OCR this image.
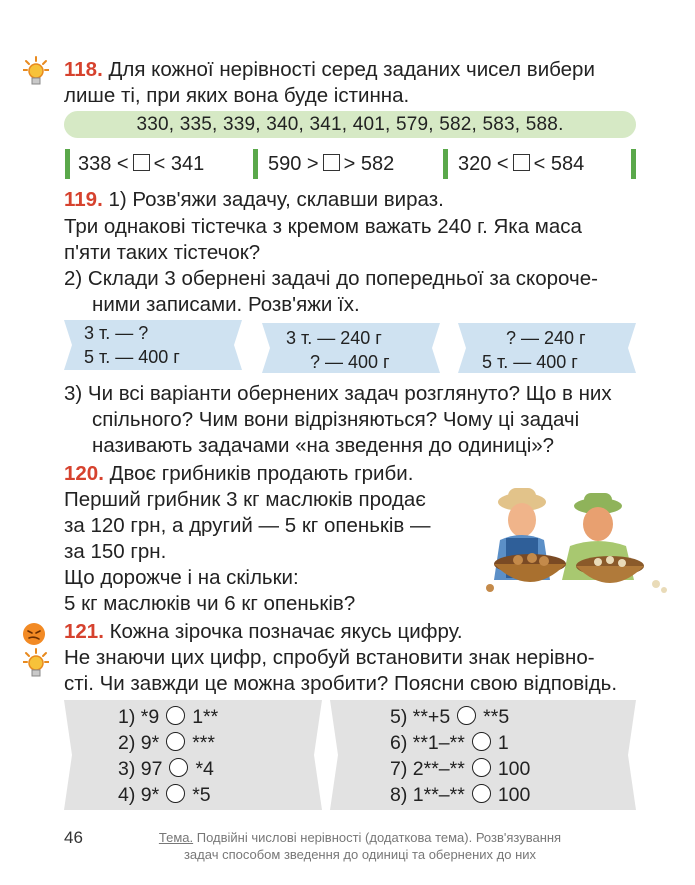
118. Для кожної нерівності серед заданих чисел вибери
лише ті, при яких вона буде істинна.
330, 335, 339, 340, 341, 401, 579, 582, 583, 588.
338 < < 341	590 > > 582	320 < < 584
119. 1) Розв'яжи задачу, склавши вираз.
Три однакові тістечка з кремом важать 240 г. Яка маса
п'яти таких тістечок?
2) Склади 3 обернені задачі до попередньої за скороче-
ними записами. Розв'яжи їх.
3 т. — ?
5 т. — 400 г
3 т. — 240 г
? — 400 г
? — 240 г
5 т. — 400 г
3) Чи всі варіанти обернених задач розглянуто? Що в них
спільного? Чим вони відрізняються? Чому ці задачі
називають задачами «на зведення до одиниці»?
120. Двоє грибників продають гриби.
Перший грибник 3 кг маслюків продає
за 120 грн, а другий — 5 кг опеньків —
за 150 грн.
Що дорожче і на скільки:
5 кг маслюків чи 6 кг опеньків?
121. Кожна зірочка позначає якусь цифру.
Не знаючи цих цифр, спробуй встановити знак нерівно-
сті. Чи завжди це можна зробити? Поясни свою відповідь.
1) *9 1**
2) 9* ***
3) 97 *4
4) 9* *5
5) **+5 **5
6) **1–** 1
7) 2**–** 100
8) 1**–** 100
46	Тема. Подвійні числові нерівності (додаткова тема). Розв'язування
задач способом зведення до одиниці та обернених до них
